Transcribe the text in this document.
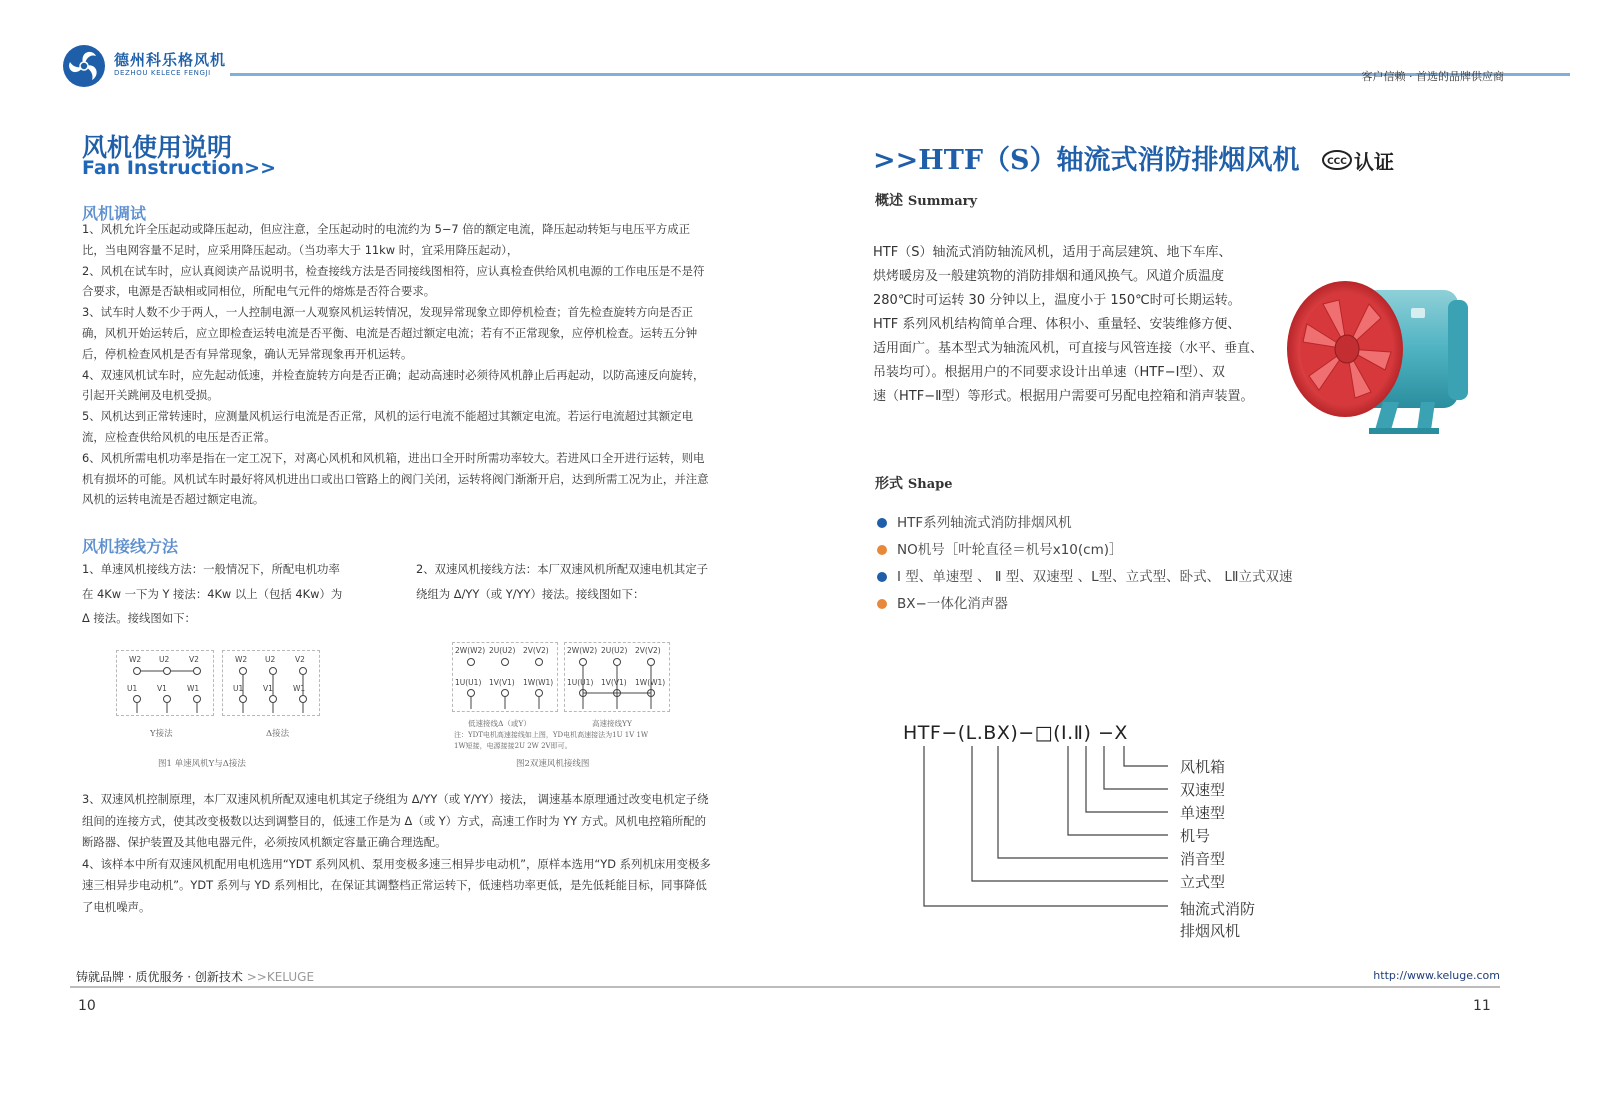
德州科乐格风机
DEZHOU KELECE FENGJI	客户信赖 · 首选的品牌供应商
风机使用说明
Fan Instruction>>
风机调试

1、风机允许全压起动或降压起动，但应注意，全压起动时的电流约为 5−7 倍的额定电流，降压起动转矩与电压平方成正比，当电网容量不足时，应采用降压起动。（当功率大于 11kw 时，宜采用降压起动），

2、风机在试车时，应认真阅读产品说明书，检查接线方法是否同接线图相符，应认真检查供给风机电源的工作电压是不是符合要求，电源是否缺相或同相位，所配电气元件的熔炼是否符合要求。

3、试车时人数不少于两人，一人控制电源一人观察风机运转情况，发现异常现象立即停机检查；首先检查旋转方向是否正确，风机开始运转后，应立即检查运转电流是否平衡、电流是否超过额定电流；若有不正常现象，应停机检查。运转五分钟后，停机检查风机是否有异常现象，确认无异常现象再开机运转。

4、双速风机试车时，应先起动低速，并检查旋转方向是否正确；起动高速时必须待风机静止后再起动，以防高速反向旋转，引起开关跳闸及电机受损。

5、风机达到正常转速时，应测量风机运行电流是否正常，风机的运行电流不能超过其额定电流。若运行电流超过其额定电流，应检查供给风机的电压是否正常。

6、风机所需电机功率是指在一定工况下，对离心风机和风机箱，进出口全开时所需功率较大。若进风口全开进行运转，则电机有损坏的可能。风机试车时最好将风机进出口或出口管路上的阀门关闭，运转将阀门渐渐开启，达到所需工况为止，并注意风机的运转电流是否超过额定电流。

风机接线方法
1、单速风机接线方法：一般情况下，所配电机功率在 4Kw 一下为 Y 接法：4Kw 以上（包括 4Kw）为 Δ 接法。接线图如下：
2、双速风机接线方法：本厂双速风机所配双速电机其定子绕组为 Δ/YY（或 Y/YY）接法。接线图如下：
W2 U2	V2
U1	V1	W1
W2 U2	V2
U1	V1	W1
Y接法	Δ接法
图1 单速风机Y与Δ接法
2W(W2) 2U(U2) 2V(V2)
1U(U1) 1V(V1) 1W(W1)
2W(W2) 2U(U2) 2V(V2)
1U(U1) 1V(V1) 1W(W1)
低速接线Δ（或Y）	高速接线YY
注：YDT电机高速接线如上图，YD电机高速接法为1U 1V 1W
1W短接，电源接接2U 2W 2V即可。
图2双速风机接线图

3、双速风机控制原理，本厂双速风机所配双速电机其定子绕组为 Δ/YY（或 Y/YY）接法， 调速基本原理通过改变电机定子绕组间的连接方式，使其改变极数以达到调整目的，低速工作是为 Δ（或 Y）方式，高速工作时为 YY 方式。风机电控箱所配的断路器、保护装置及其他电器元件，必须按风机额定容量正确合理选配。

4、该样本中所有双速风机配用电机选用“YDT 系列风机、泵用变极多速三相异步电动机”，原样本选用“YD 系列机床用变极多速三相异步电动机”。YDT 系列与 YD 系列相比，在保证其调整档正常运转下，低速档功率更低，是先低耗能目标，同事降低了电机噪声。

>>HTF（S）轴流式消防排烟风机	CCC 认证
概述 Summary

HTF（S）轴流式消防轴流风机，适用于高层建筑、地下车库、

烘烤暖房及一般建筑物的消防排烟和通风换气。风道介质温度

280℃时可运转 30 分钟以上，温度小于 150℃时可长期运转。

HTF 系列风机结构简单合理、体积小、重量轻、安装维修方便、

适用面广。基本型式为轴流风机，可直接与风管连接（水平、垂直、

吊装均可）。根据用户的不同要求设计出单速（HTF−Ⅰ型）、双

速（HTF−Ⅱ型）等形式。根据用户需要可另配电控箱和消声装置。

形式 Shape
HTF系列轴流式消防排烟风机
NO机号［叶轮直径＝机号x10(cm)］
Ⅰ 型、单速型 、 Ⅱ 型、双速型 、L型、立式型、卧式、 LⅡ立式双速
BX−一体化消声器
HTF−(L.BX)−□(Ⅰ.Ⅱ) −X
风机箱
双速型
单速型
机号
消音型
立式型
轴流式消防
排烟风机
铸就品牌 · 质优服务 · 创新技术 >>KELUGE	http://www.keluge.com
10	11
